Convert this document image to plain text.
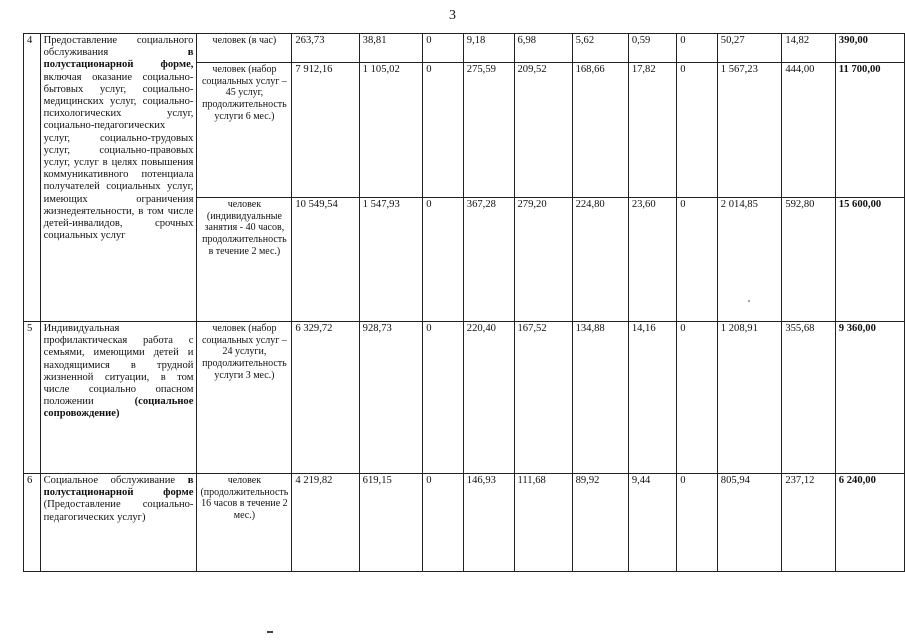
3
4	Предоставление социального обслуживания в полустационарной форме, включая оказание социально-бытовых услуг, социально-медицинских услуг, социально-психологических услуг, социально-педагогических услуг, социально-трудовых услуг, социально-правовых услуг, услуг в целях повышения коммуникативного потенциала получателей социальных услуг, имеющих ограничения жизнедеятельности, в том числе детей-инвалидов, срочных социальных услуг	человек (в час)	263,73	38,81	0	9,18	6,98	5,62	0,59	0	50,27	14,82	390,00
		человек (набор социальных услуг – 45 услуг, продолжительность услуги 6 мес.)	7 912,16	1 105,02	0	275,59	209,52	168,66	17,82	0	1 567,23	444,00	11 700,00
		человек (индивидуальные занятия - 40 часов, продолжительность в течение 2 мес.)	10 549,54	1 547,93	0	367,28	279,20	224,80	23,60	0	2 014,85	592,80	15 600,00
5	Индивидуальная профилактическая работа с семьями, имеющими детей и находящимися в трудной жизненной ситуации, в том числе социально опасном положении (социальное сопровождение)	человек (набор социальных услуг – 24 услуги, продолжительность услуги 3 мес.)	6 329,72	928,73	0	220,40	167,52	134,88	14,16	0	1 208,91	355,68	9 360,00
6	Социальное обслуживание в полустационарной форме (Предоставление социально-педагогических услуг)	человек (продолжительность 16 часов в течение 2 мес.)	4 219,82	619,15	0	146,93	111,68	89,92	9,44	0	805,94	237,12	6 240,00
